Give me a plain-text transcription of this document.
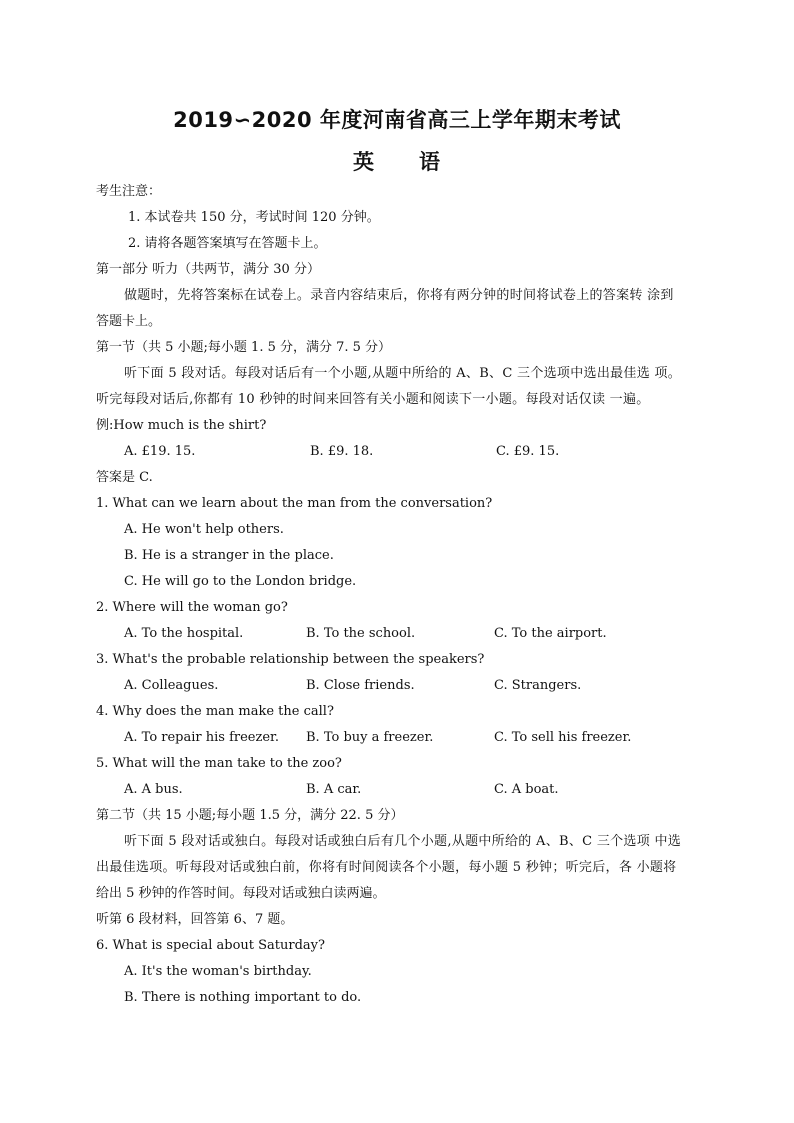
2019∽2020 年度河南省高三上学年期末考试
英　　语
考生注意：
1. 本试卷共 150 分，考试时间 120 分钟。
2. 请将各题答案填写在答题卡上。
第一部分 听力（共两节，满分 30 分）
做题时，先将答案标在试卷上。录音内容结束后，你将有两分钟的时间将试卷上的答案转 涂到
答题卡上。
第一节（共 5 小题;每小题 1. 5 分，满分 7. 5 分）
听下面 5 段对话。每段对话后有一个小题,从题中所给的 A、B、C 三个选项中选出最佳选 项。
听完每段对话后,你都有 10 秒钟的时间来回答有关小题和阅读下一小题。每段对话仅读 一遍。
例:How much is the shirt?
A. £19. 15.	B. £9. 18.	C. £9. 15.
答案是 C.
1. What can we learn about the man from the conversation?
A. He won't help others.
B. He is a stranger in the place.
C. He will go to the London bridge.
2. Where will the woman go?
A. To the hospital.	B. To the school.	C. To the airport.
3. What's the probable relationship between the speakers?
A. Colleagues.	B. Close friends.	C. Strangers.
4. Why does the man make the call?
A. To repair his freezer. B. To buy a freezer.	C. To sell his freezer.
5. What will the man take to the zoo?
A. A bus.	B. A car.	C. A boat.
第二节（共 15 小题;每小题 1.5 分，满分 22. 5 分）
听下面 5 段对话或独白。每段对话或独白后有几个小题,从题中所给的 A、B、C 三个选项 中选
出最佳选项。听每段对话或独白前，你将有时间阅读各个小题，每小题 5 秒钟；听完后，各 小题将
给出 5 秒钟的作答时间。每段对话或独白读两遍。
听第 6 段材料，回答第 6、7 题。
6. What is special about Saturday?
A. It's the woman's birthday.
B. There is nothing important to do.
